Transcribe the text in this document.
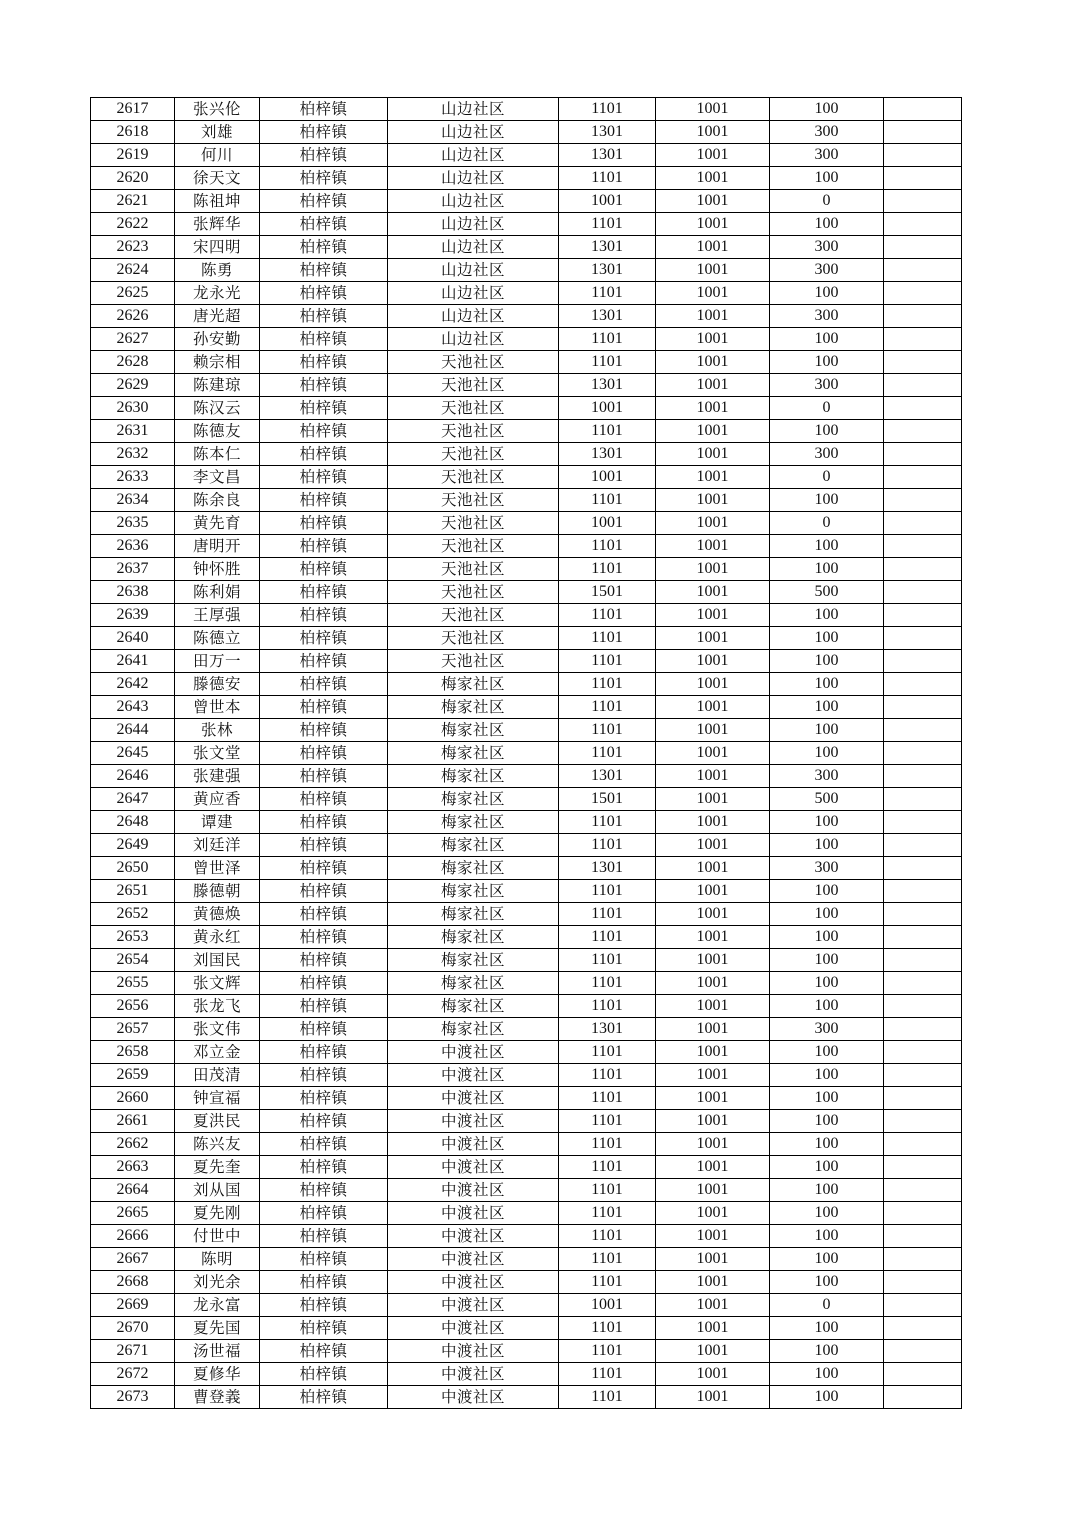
2617	张兴伦	柏梓镇	山边社区	1101	1001	100	
2618	刘雄	柏梓镇	山边社区	1301	1001	300	
2619	何川	柏梓镇	山边社区	1301	1001	300	
2620	徐天文	柏梓镇	山边社区	1101	1001	100	
2621	陈祖坤	柏梓镇	山边社区	1001	1001	0	
2622	张辉华	柏梓镇	山边社区	1101	1001	100	
2623	宋四明	柏梓镇	山边社区	1301	1001	300	
2624	陈勇	柏梓镇	山边社区	1301	1001	300	
2625	龙永光	柏梓镇	山边社区	1101	1001	100	
2626	唐光超	柏梓镇	山边社区	1301	1001	300	
2627	孙安勤	柏梓镇	山边社区	1101	1001	100	
2628	赖宗相	柏梓镇	天池社区	1101	1001	100	
2629	陈建琼	柏梓镇	天池社区	1301	1001	300	
2630	陈汉云	柏梓镇	天池社区	1001	1001	0	
2631	陈德友	柏梓镇	天池社区	1101	1001	100	
2632	陈本仁	柏梓镇	天池社区	1301	1001	300	
2633	李文昌	柏梓镇	天池社区	1001	1001	0	
2634	陈余良	柏梓镇	天池社区	1101	1001	100	
2635	黄先育	柏梓镇	天池社区	1001	1001	0	
2636	唐明开	柏梓镇	天池社区	1101	1001	100	
2637	钟怀胜	柏梓镇	天池社区	1101	1001	100	
2638	陈利娟	柏梓镇	天池社区	1501	1001	500	
2639	王厚强	柏梓镇	天池社区	1101	1001	100	
2640	陈德立	柏梓镇	天池社区	1101	1001	100	
2641	田万一	柏梓镇	天池社区	1101	1001	100	
2642	滕德安	柏梓镇	梅家社区	1101	1001	100	
2643	曾世本	柏梓镇	梅家社区	1101	1001	100	
2644	张林	柏梓镇	梅家社区	1101	1001	100	
2645	张文堂	柏梓镇	梅家社区	1101	1001	100	
2646	张建强	柏梓镇	梅家社区	1301	1001	300	
2647	黄应香	柏梓镇	梅家社区	1501	1001	500	
2648	谭建	柏梓镇	梅家社区	1101	1001	100	
2649	刘廷洋	柏梓镇	梅家社区	1101	1001	100	
2650	曾世泽	柏梓镇	梅家社区	1301	1001	300	
2651	滕德朝	柏梓镇	梅家社区	1101	1001	100	
2652	黄德焕	柏梓镇	梅家社区	1101	1001	100	
2653	黄永红	柏梓镇	梅家社区	1101	1001	100	
2654	刘国民	柏梓镇	梅家社区	1101	1001	100	
2655	张文辉	柏梓镇	梅家社区	1101	1001	100	
2656	张龙飞	柏梓镇	梅家社区	1101	1001	100	
2657	张文伟	柏梓镇	梅家社区	1301	1001	300	
2658	邓立金	柏梓镇	中渡社区	1101	1001	100	
2659	田茂清	柏梓镇	中渡社区	1101	1001	100	
2660	钟宣福	柏梓镇	中渡社区	1101	1001	100	
2661	夏洪民	柏梓镇	中渡社区	1101	1001	100	
2662	陈兴友	柏梓镇	中渡社区	1101	1001	100	
2663	夏先奎	柏梓镇	中渡社区	1101	1001	100	
2664	刘从国	柏梓镇	中渡社区	1101	1001	100	
2665	夏先刚	柏梓镇	中渡社区	1101	1001	100	
2666	付世中	柏梓镇	中渡社区	1101	1001	100	
2667	陈明	柏梓镇	中渡社区	1101	1001	100	
2668	刘光余	柏梓镇	中渡社区	1101	1001	100	
2669	龙永富	柏梓镇	中渡社区	1001	1001	0	
2670	夏先国	柏梓镇	中渡社区	1101	1001	100	
2671	汤世福	柏梓镇	中渡社区	1101	1001	100	
2672	夏修华	柏梓镇	中渡社区	1101	1001	100	
2673	曹登義	柏梓镇	中渡社区	1101	1001	100	
